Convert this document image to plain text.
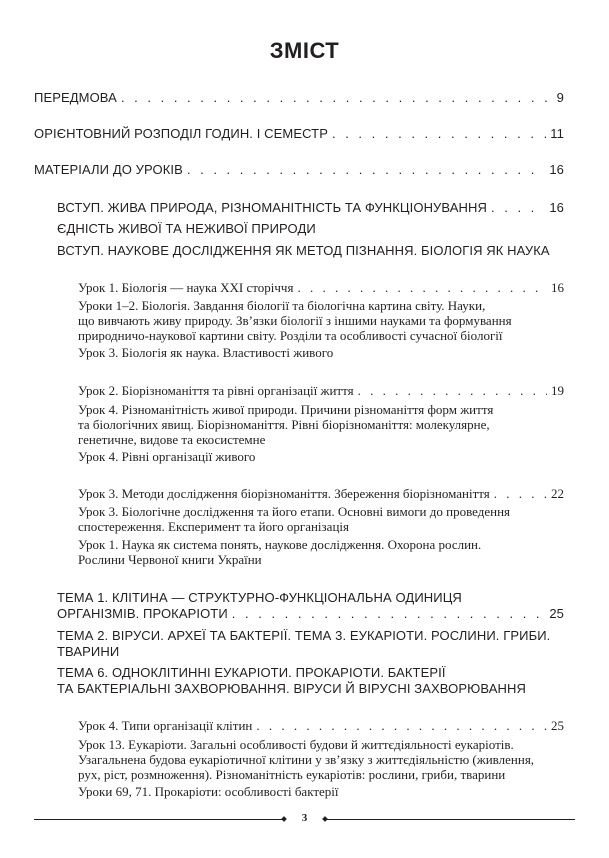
ЗМІСТ
ПЕРЕДМОВА . . .	9
ОРІЄНТОВНИЙ РОЗПОДІЛ ГОДИН. І СЕМЕСТР . . .	11
МАТЕРІАЛИ ДО УРОКІВ . . .	16
ВСТУП. ЖИВА ПРИРОДА, РІЗНОМАНІТНІСТЬ ТА ФУНКЦІОНУВАННЯ . . .	16
ЄДНІСТЬ ЖИВОЇ ТА НЕЖИВОЇ ПРИРОДИ
ВСТУП. НАУКОВЕ ДОСЛІДЖЕННЯ ЯК МЕТОД ПІЗНАННЯ. БІОЛОГІЯ ЯК НАУКА
Урок 1. Біологія — наука XXI сторіччя . . .	16
Уроки 1–2. Біологія. Завдання біології та біологічна картина світу. Науки,
що вивчають живу природу. Зв’язки біології з іншими науками та формування
природничо-наукової картини світу. Розділи та особливості сучасної біології
Урок 3. Біологія як наука. Властивості живого
Урок 2. Біорізноманіття та рівні організації життя . . .	19
Урок 4. Різноманітність живої природи. Причини різноманіття форм життя
та біологічних явищ. Біорізноманіття. Рівні біорізноманіття: молекулярне,
генетичне, видове та екосистемне
Урок 4. Рівні організації живого
Урок 3. Методи дослідження біорізноманіття. Збереження біорізноманіття . . .	22
Урок 3. Біологічне дослідження та його етапи. Основні вимоги до проведення
спостереження. Експеримент та його організація
Урок 1. Наука як система понять, наукове дослідження. Охорона рослин.
Рослини Червоної книги України
ТЕМА 1. КЛІТИНА — СТРУКТУРНО-ФУНКЦІОНАЛЬНА ОДИНИЦЯ
ОРГАНІЗМІВ. ПРОКАРІОТИ . . .	25
ТЕМА 2. ВІРУСИ. АРХЕЇ ТА БАКТЕРІЇ. ТЕМА 3. ЕУКАРІОТИ. РОСЛИНИ. ГРИБИ.
ТВАРИНИ
ТЕМА 6. ОДНОКЛІТИННІ ЕУКАРІОТИ. ПРОКАРІОТИ. БАКТЕРІЇ
ТА БАКТЕРІАЛЬНІ ЗАХВОРЮВАННЯ. ВІРУСИ Й ВІРУСНІ ЗАХВОРЮВАННЯ
Урок 4. Типи організації клітин . . .	25
Урок 13. Еукаріоти. Загальні особливості будови й життєдіяльності еукаріотів.
Узагальнена будова еукаріотичної клітини у зв’язку з життєдіяльністю (живлення,
рух, ріст, розмноження). Різноманітність еукаріотів: рослини, гриби, тварини
Уроки 69, 71. Прокаріоти: особливості бактерії
3
